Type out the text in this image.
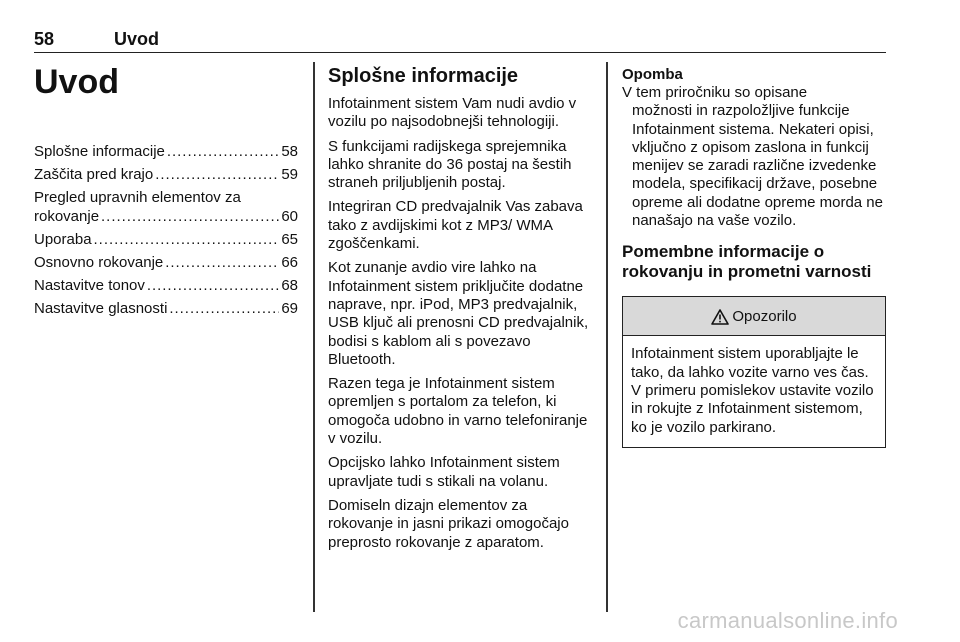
58	Uvod
Uvod
Splošne informacije . . .	58
Zaščita pred krajo . . .	59
Pregled upravnih elementov za
rokovanje . . .	60
Uporaba . . .	65
Osnovno rokovanje . . .	66
Nastavitve tonov . . .	68
Nastavitve glasnosti . . .	69
Splošne informacije

Infotainment sistem Vam nudi avdio v vozilu po najsodobnejši tehnologiji.

S funkcijami radijskega sprejemnika lahko shranite do 36 postaj na šestih straneh priljubljenih postaj.

Integriran CD predvajalnik Vas zabava tako z avdijskimi kot z MP3/ WMA zgoščenkami.

Kot zunanje avdio vire lahko na Infotainment sistem priključite dodatne naprave, npr. iPod, MP3 predvajalnik, USB ključ ali prenosni CD predvajalnik, bodisi s kablom ali s povezavo Bluetooth.

Razen tega je Infotainment sistem opremljen s portalom za telefon, ki omogoča udobno in varno telefoniranje v vozilu.

Opcijsko lahko Infotainment sistem upravljate tudi s stikali na volanu.

Domiseln dizajn elementov za rokovanje in jasni prikazi omogočajo preprosto rokovanje z aparatom.

Opomba

V tem priročniku so opisane
možnosti in razpoložljive funkcije Infotainment sistema. Nekateri opisi, vključno z opisom zaslona in funkcij menijev se zaradi različne izvedenke modela, specifikacij države, posebne opreme ali dodatne opreme morda ne nanašajo na vaše vozilo.

Pomembne informacije o rokovanju in prometni varnosti
Opozorilo
Infotainment sistem uporabljajte le tako, da lahko vozite varno ves čas. V primeru pomislekov ustavite vozilo in rokujte z Infotainment sistemom, ko je vozilo parkirano.
carmanualsonline.info
